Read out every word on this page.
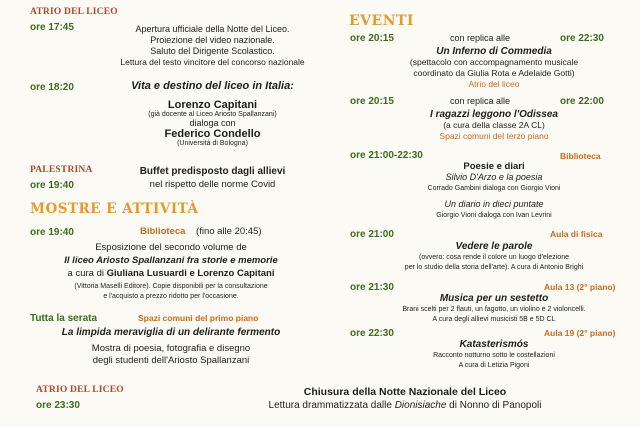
ATRIO DEL LICEO
ore 17:45	Apertura ufficiale della Notte del Liceo.
Proiezione del video nazionale.
Saluto del Dirigente Scolastico.
Lettura del testo vincitore del concorso nazionale
ore 18:20	Vita e destino del liceo in Italia:
Lorenzo Capitani
(già docente al Liceo Ariosto Spallanzani)
dialoga con
Federico Condello
(Università di Bologna)
PALESTRINA
ore 19:40
Buffet predisposto dagli allievi
nel rispetto delle norme Covid
MOSTRE E ATTIVITÀ
ore 19:40	Biblioteca (fino alle 20:45)
Esposizione del secondo volume de
Il liceo Ariosto Spallanzani fra storie e memorie
a cura di Giuliana Lusuardi e Lorenzo Capitani
(Vittoria Maselli Editore). Copie disponibili per la consultazione
e l'acquisto a prezzo ridotto per l'occasione.
Tutta la serata	Spazi comuni del primo piano
La limpida meraviglia di un delirante fermento
Mostra di poesia, fotografia e disegno
degli studenti dell'Ariosto Spallanzani
EVENTI
ore 20:15	con replica alle	ore 22:30
Un Inferno di Commedia
(spettacolo con accompagnamento musicale
coordinato da Giulia Rota e Adelaide Gotti)
Atrio del liceo
ore 20:15	con replica alle	ore 22:00
I ragazzi leggono l'Odissea
(a cura della classe 2A CL)
Spazi comuni del terzo piano
ore 21:00-22:30	Biblioteca
Poesie e diari
Silvio D'Arzo e la poesia
Corrado Gambini dialoga con Giorgio Vioni
Un diario in dieci puntate
Giorgio Vioni dialoga con Ivan Levrini
ore 21:00	Aula di fisica
Vedere le parole
(ovvero: cosa rende il colore un luogo d'elezione
per lo studio della storia dell'arte). A cura di Antonio Brighi
ore 21:30	Aula 13 (2° piano)
Musica per un sestetto
Brani scelti per 2 flauti, un fagotto, un violino e 2 violoncelli.
A cura degli allievi musicisti 5B e 5D CL
ore 22:30	Aula 19 (2° piano)
Katasterismós
Racconto notturno sotto le costellazioni
A cura di Letizia Pigoni
ATRIO DEL LICEO
ore 23:30
Chiusura della Notte Nazionale del Liceo
Lettura drammatizzata dalle Dionisiache di Nonno di Panopoli
